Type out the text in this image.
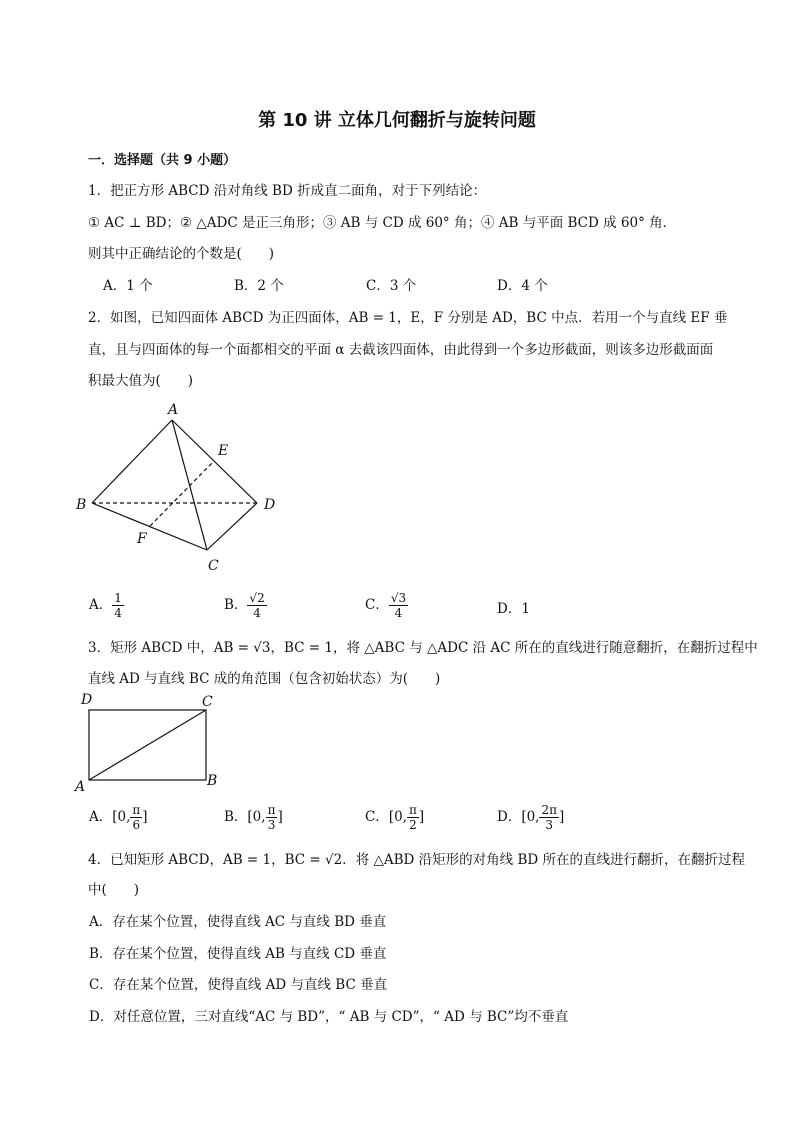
第 10 讲 立体几何翻折与旋转问题
一．选择题（共 9 小题）
1．把正方形 ABCD 沿对角线 BD 折成直二面角，对于下列结论：
① AC ⊥ BD；② △ADC 是正三角形；③ AB 与 CD 成 60° 角；④ AB 与平面 BCD 成 60° 角．
则其中正确结论的个数是(　　)
A．1 个	B．2 个	C．3 个	D．4 个
2．如图，已知四面体 ABCD 为正四面体，AB = 1，E，F 分别是 AD，BC 中点．若用一个与直线 EF 垂
直，且与四面体的每一个面都相交的平面 α 去截该四面体，由此得到一个多边形截面，则该多边形截面面
积最大值为(　　)
A
B
C
D
E
F
A． $\frac{1}{4}$	B． $\frac{√2}{4}$	C． $\frac{√3}{4}$	D．1
3．矩形 ABCD 中，AB = √3，BC = 1，将 △ABC 与 △ADC 沿 AC 所在的直线进行随意翻折，在翻折过程中
直线 AD 与直线 BC 成的角范围（包含初始状态）为(　　)
D	C
A	B
A．[0, $\frac{\pi}{6}$ ]	B．[0, $\frac{\pi}{3}$ ]	C．[0, $\frac{\pi}{2}$ ]	D．[0, $\frac{2\pi}{3}$ ]
4．已知矩形 ABCD，AB = 1，BC = √2．将 △ABD 沿矩形的对角线 BD 所在的直线进行翻折，在翻折过程
中(　　)
A．存在某个位置，使得直线 AC 与直线 BD 垂直
B．存在某个位置，使得直线 AB 与直线 CD 垂直
C．存在某个位置，使得直线 AD 与直线 BC 垂直
D．对任意位置，三对直线“AC 与 BD”，“ AB 与 CD”，“ AD 与 BC”均不垂直
